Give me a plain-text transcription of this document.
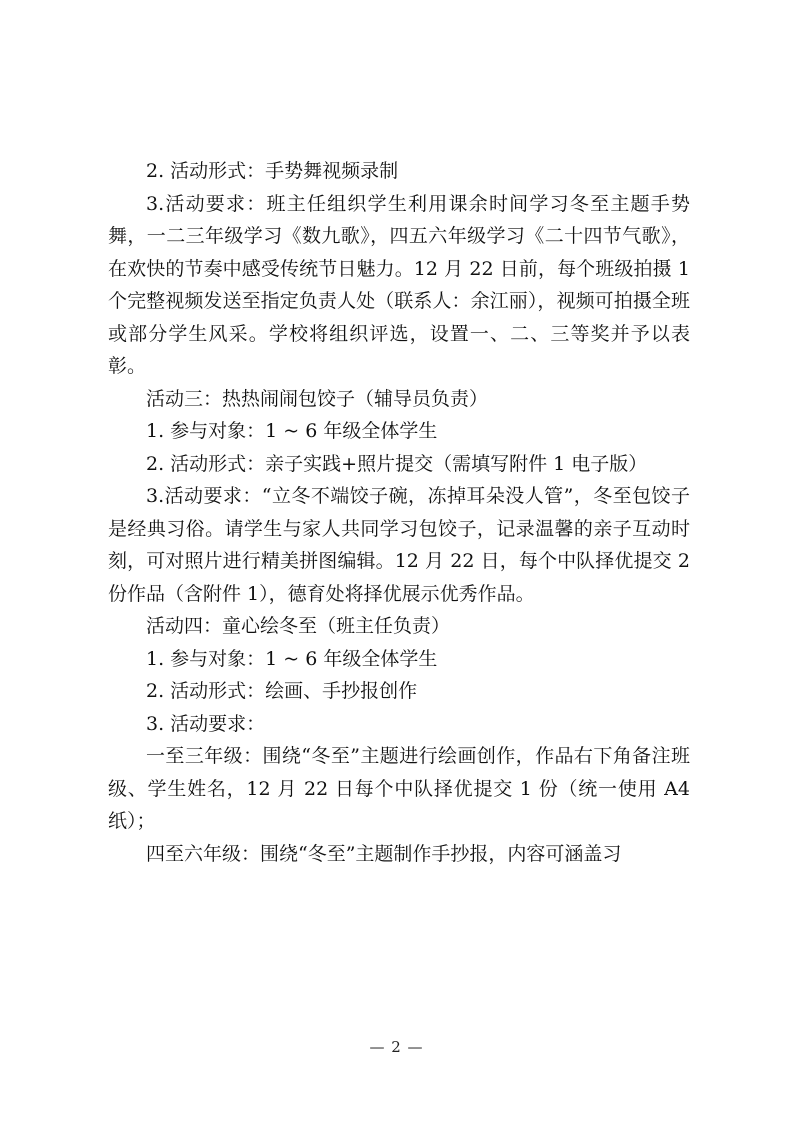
2. 活动形式：手势舞视频录制

3.活动要求：班主任组织学生利用课余时间学习冬至主题手势舞，一二三年级学习《数九歌》，四五六年级学习《二十四节气歌》，在欢快的节奏中感受传统节日魅力。12 月 22 日前，每个班级拍摄 1 个完整视频发送至指定负责人处（联系人：余江丽），视频可拍摄全班或部分学生风采。学校将组织评选，设置一、二、三等奖并予以表彰。

活动三：热热闹闹包饺子（辅导员负责）

1. 参与对象：1 ~ 6 年级全体学生

2. 活动形式：亲子实践+照片提交（需填写附件 1 电子版）

3.活动要求：“立冬不端饺子碗，冻掉耳朵没人管”，冬至包饺子是经典习俗。请学生与家人共同学习包饺子，记录温馨的亲子互动时刻，可对照片进行精美拼图编辑。12 月 22 日，每个中队择优提交 2 份作品（含附件 1），德育处将择优展示优秀作品。

活动四：童心绘冬至（班主任负责）

1. 参与对象：1 ~ 6 年级全体学生

2. 活动形式：绘画、手抄报创作

3. 活动要求：

一至三年级：围绕“冬至”主题进行绘画创作，作品右下角备注班级、学生姓名，12 月 22 日每个中队择优提交 1 份（统一使用 A4 纸）；

四至六年级：围绕“冬至”主题制作手抄报，内容可涵盖习

— 2 —
